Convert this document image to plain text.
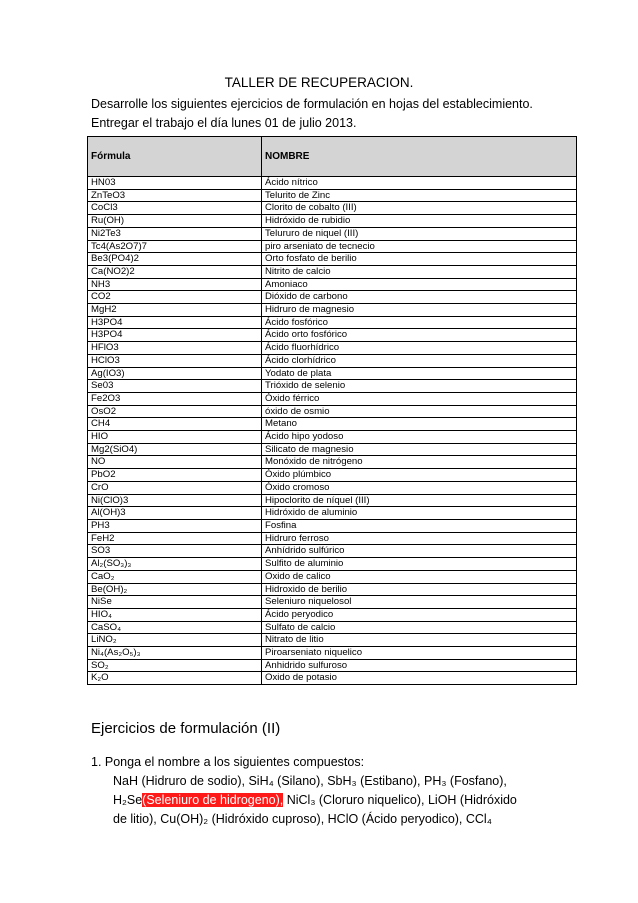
TALLER DE RECUPERACION.
Desarrolle los siguientes ejercicios de formulación en hojas del establecimiento.
Entregar el trabajo el día lunes 01 de julio 2013.
Fórmula	NOMBRE
HN03	Ácido nítrico
ZnTeO3	Telurito de Zinc
CoCl3	Clorito de cobalto (III)
Ru(OH)	Hidróxido de rubidio
Ni2Te3	Telururo de niquel (III)
Tc4(As2O7)7	piro arseniato de tecnecio
Be3(PO4)2	Orto fosfato de berilio
Ca(NO2)2	Nitrito de calcio
NH3	Amoniaco
CO2	Dióxido de carbono
MgH2	Hidruro de magnesio
H3PO4	Ácido fosfórico
H3PO4	Ácido orto fosfórico
HFlO3	Ácido fluorhídrico
HClO3	Ácido clorhídrico
Ag(IO3)	Yodato de plata
Se03	Trióxido de selenio
Fe2O3	Óxido férrico
OsO2	óxido de osmio
CH4	Metano
HIO	Ácido hipo yodoso
Mg2(SiO4)	Silicato de magnesio
NO	Monóxido de nitrógeno
PbO2	Óxido plúmbico
CrO	Óxido cromoso
Ni(ClO)3	Hipoclorito de níquel (III)
Al(OH)3	Hidróxido de aluminio
PH3	Fosfina
FeH2	Hidruro ferroso
SO3	Anhídrido sulfúrico
Al₂(SO₃)₃	Sulfito de aluminio
CaO₂	Oxido de calico
Be(OH)₂	Hidroxido de berilio
NiSe	Seleniuro niquelosol
HIO₄	Ácido peryodico
CaSO₄	Sulfato de calcio
LiNO₂	Nitrato de litio
Ni₄(As₂O₅)₃	Piroarseniato niquelico
SO₂	Anhidrido sulfuroso
K₂O	Oxido de potasio
Ejercicios de formulación (II)
1. Ponga el nombre a los siguientes compuestos:
NaH (Hidruro de sodio), SiH₄ (Silano), SbH₃ (Estibano), PH₃ (Fosfano),
H₂Se(Seleniuro de hidrogeno), NiCl₃ (Cloruro niquelico), LiOH (Hidróxido
de litio), Cu(OH)₂ (Hidróxido cuproso), HClO (Ácido peryodico), CCl₄
